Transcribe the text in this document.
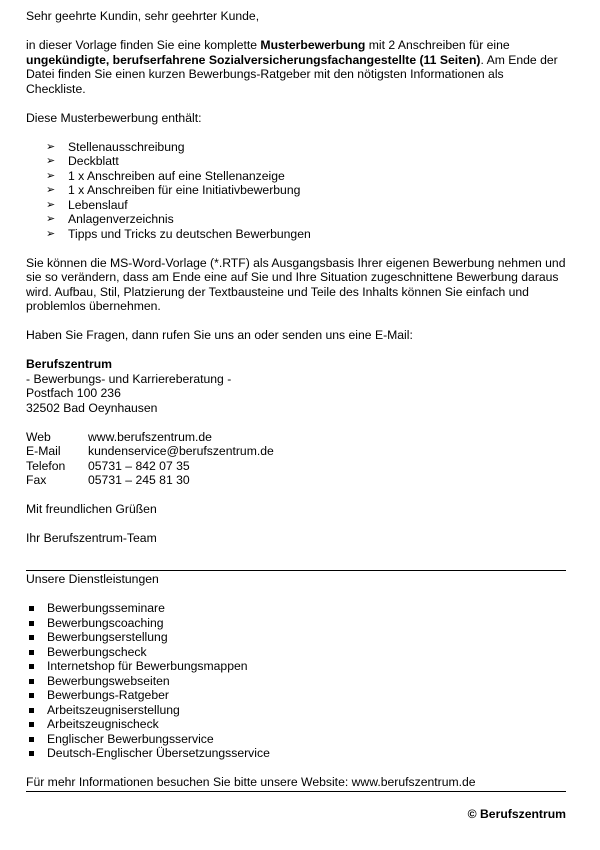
Sehr geehrte Kundin, sehr geehrter Kunde,

in dieser Vorlage finden Sie eine komplette Musterbewerbung mit 2 Anschreiben für eine ungekündigte, berufserfahrene Sozialversicherungsfachangestellte (11 Seiten). Am Ende der Datei finden Sie einen kurzen Bewerbungs-Ratgeber mit den nötigsten Informationen als Checkliste.

Diese Musterbewerbung enthält:

➢ Stellenausschreibung
➢ Deckblatt
➢ 1 x Anschreiben auf eine Stellenanzeige
➢ 1 x Anschreiben für eine Initiativbewerbung
➢ Lebenslauf
➢ Anlagenverzeichnis
➢ Tipps und Tricks zu deutschen Bewerbungen

Sie können die MS-Word-Vorlage (*.RTF) als Ausgangsbasis Ihrer eigenen Bewerbung nehmen und sie so verändern, dass am Ende eine auf Sie und Ihre Situation zugeschnittene Bewerbung daraus wird. Aufbau, Stil, Platzierung der Textbausteine und Teile des Inhalts können Sie einfach und problemlos übernehmen.

Haben Sie Fragen, dann rufen Sie uns an oder senden uns eine E-Mail:

Berufszentrum

- Bewerbungs- und Karriereberatung -

Postfach 100 236

32502 Bad Oeynhausen

Web	www.berufszentrum.de
E-Mail	kundenservice@berufszentrum.de
Telefon	05731 – 842 07 35
Fax	05731 – 245 81 30

Mit freundlichen Grüßen

Ihr Berufszentrum-Team

Unsere Dienstleistungen

Bewerbungsseminare
Bewerbungscoaching
Bewerbungserstellung
Bewerbungscheck
Internetshop für Bewerbungsmappen
Bewerbungswebseiten
Bewerbungs-Ratgeber
Arbeitszeugniserstellung
Arbeitszeugnischeck
Englischer Bewerbungsservice
Deutsch-Englischer Übersetzungsservice

Für mehr Informationen besuchen Sie bitte unsere Website: www.berufszentrum.de

© Berufszentrum
